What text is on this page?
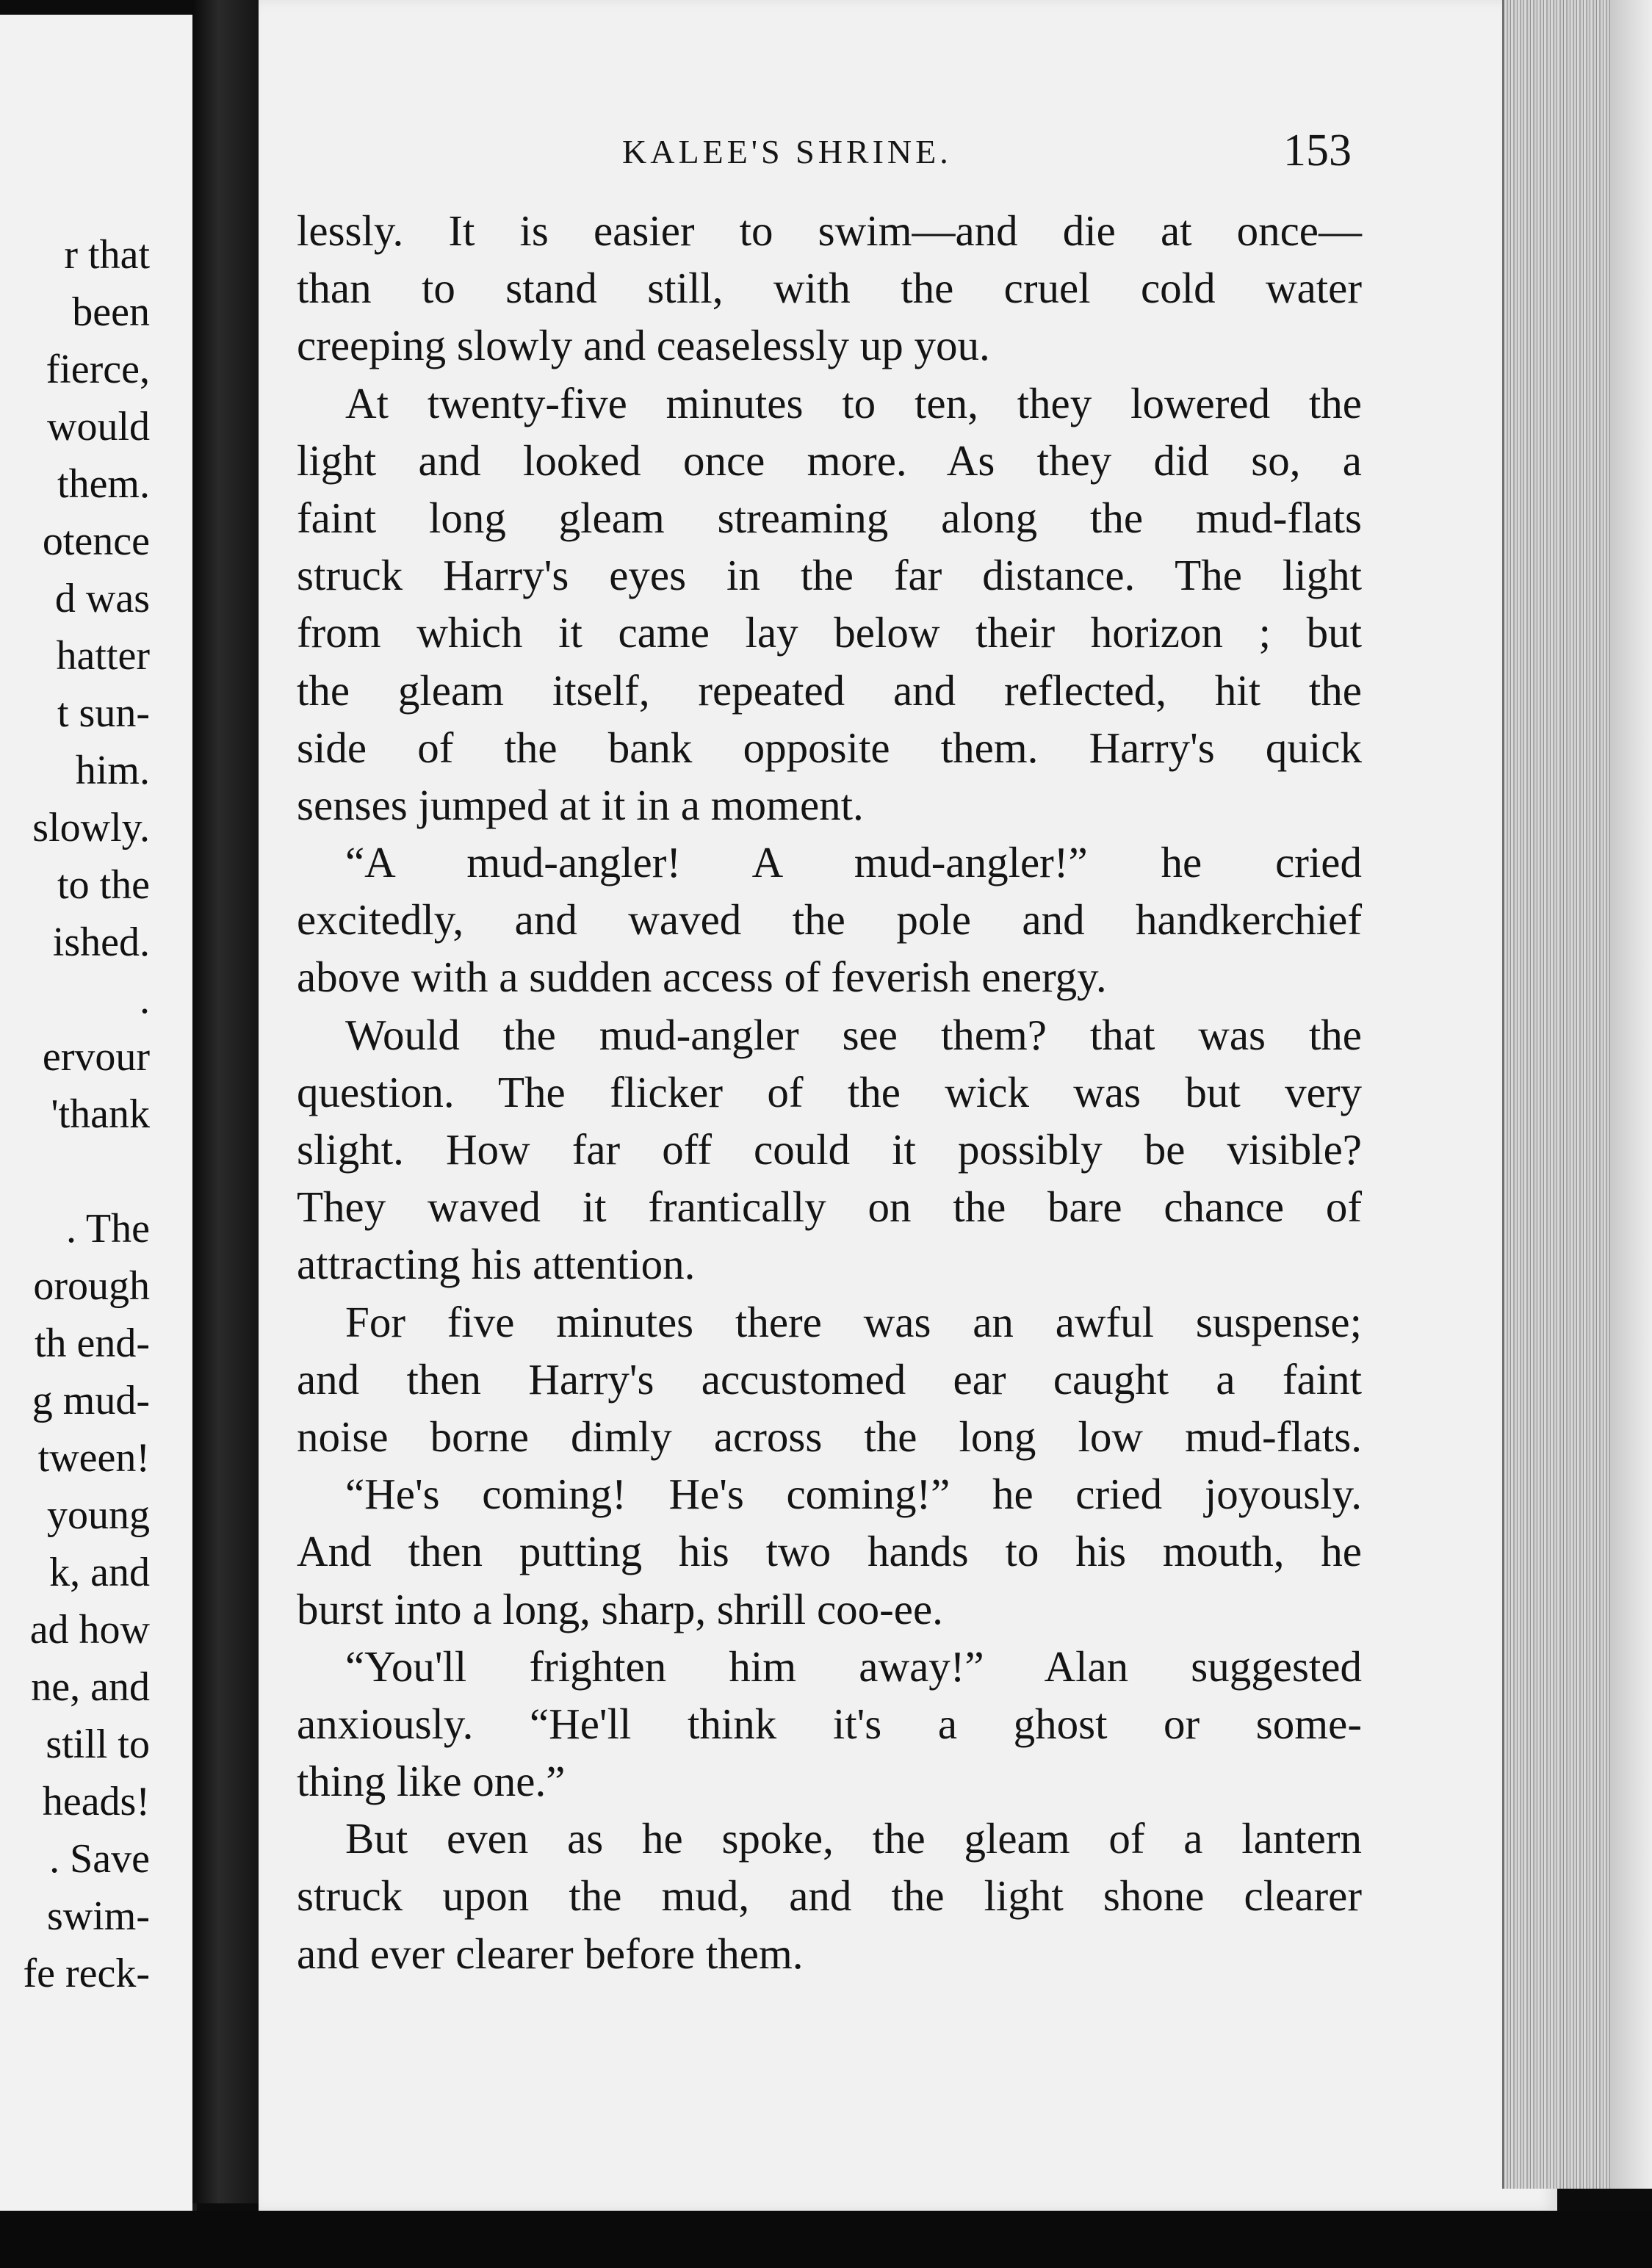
r that
been
fierce,
would
them.
otence
d was
hatter
t sun-
him.
slowly.
to the
ished.
.
ervour
'thank
. The
orough
th end-
g mud-
tween!
young
k, and
ad how
ne, and
still to
heads!
. Save
swim-
fe reck-
KALEE'S SHRINE.	153
lessly. It is easier to swim—and die at once—
than to stand still, with the cruel cold water
creeping slowly and ceaselessly up you.
At twenty-five minutes to ten, they lowered the
light and looked once more. As they did so, a
faint long gleam streaming along the mud-flats
struck Harry's eyes in the far distance. The light
from which it came lay below their horizon ; but
the gleam itself, repeated and reflected, hit the
side of the bank opposite them. Harry's quick
senses jumped at it in a moment.
“A mud-angler! A mud-angler!” he cried
excitedly, and waved the pole and handkerchief
above with a sudden access of feverish energy.
Would the mud-angler see them? that was the
question. The flicker of the wick was but very
slight. How far off could it possibly be visible?
They waved it frantically on the bare chance of
attracting his attention.
For five minutes there was an awful suspense;
and then Harry's accustomed ear caught a faint
noise borne dimly across the long low mud-flats.
“He's coming! He's coming!” he cried joyously.
And then putting his two hands to his mouth, he
burst into a long, sharp, shrill coo-ee.
“You'll frighten him away!” Alan suggested
anxiously. “He'll think it's a ghost or some-
thing like one.”
But even as he spoke, the gleam of a lantern
struck upon the mud, and the light shone clearer
and ever clearer before them.
